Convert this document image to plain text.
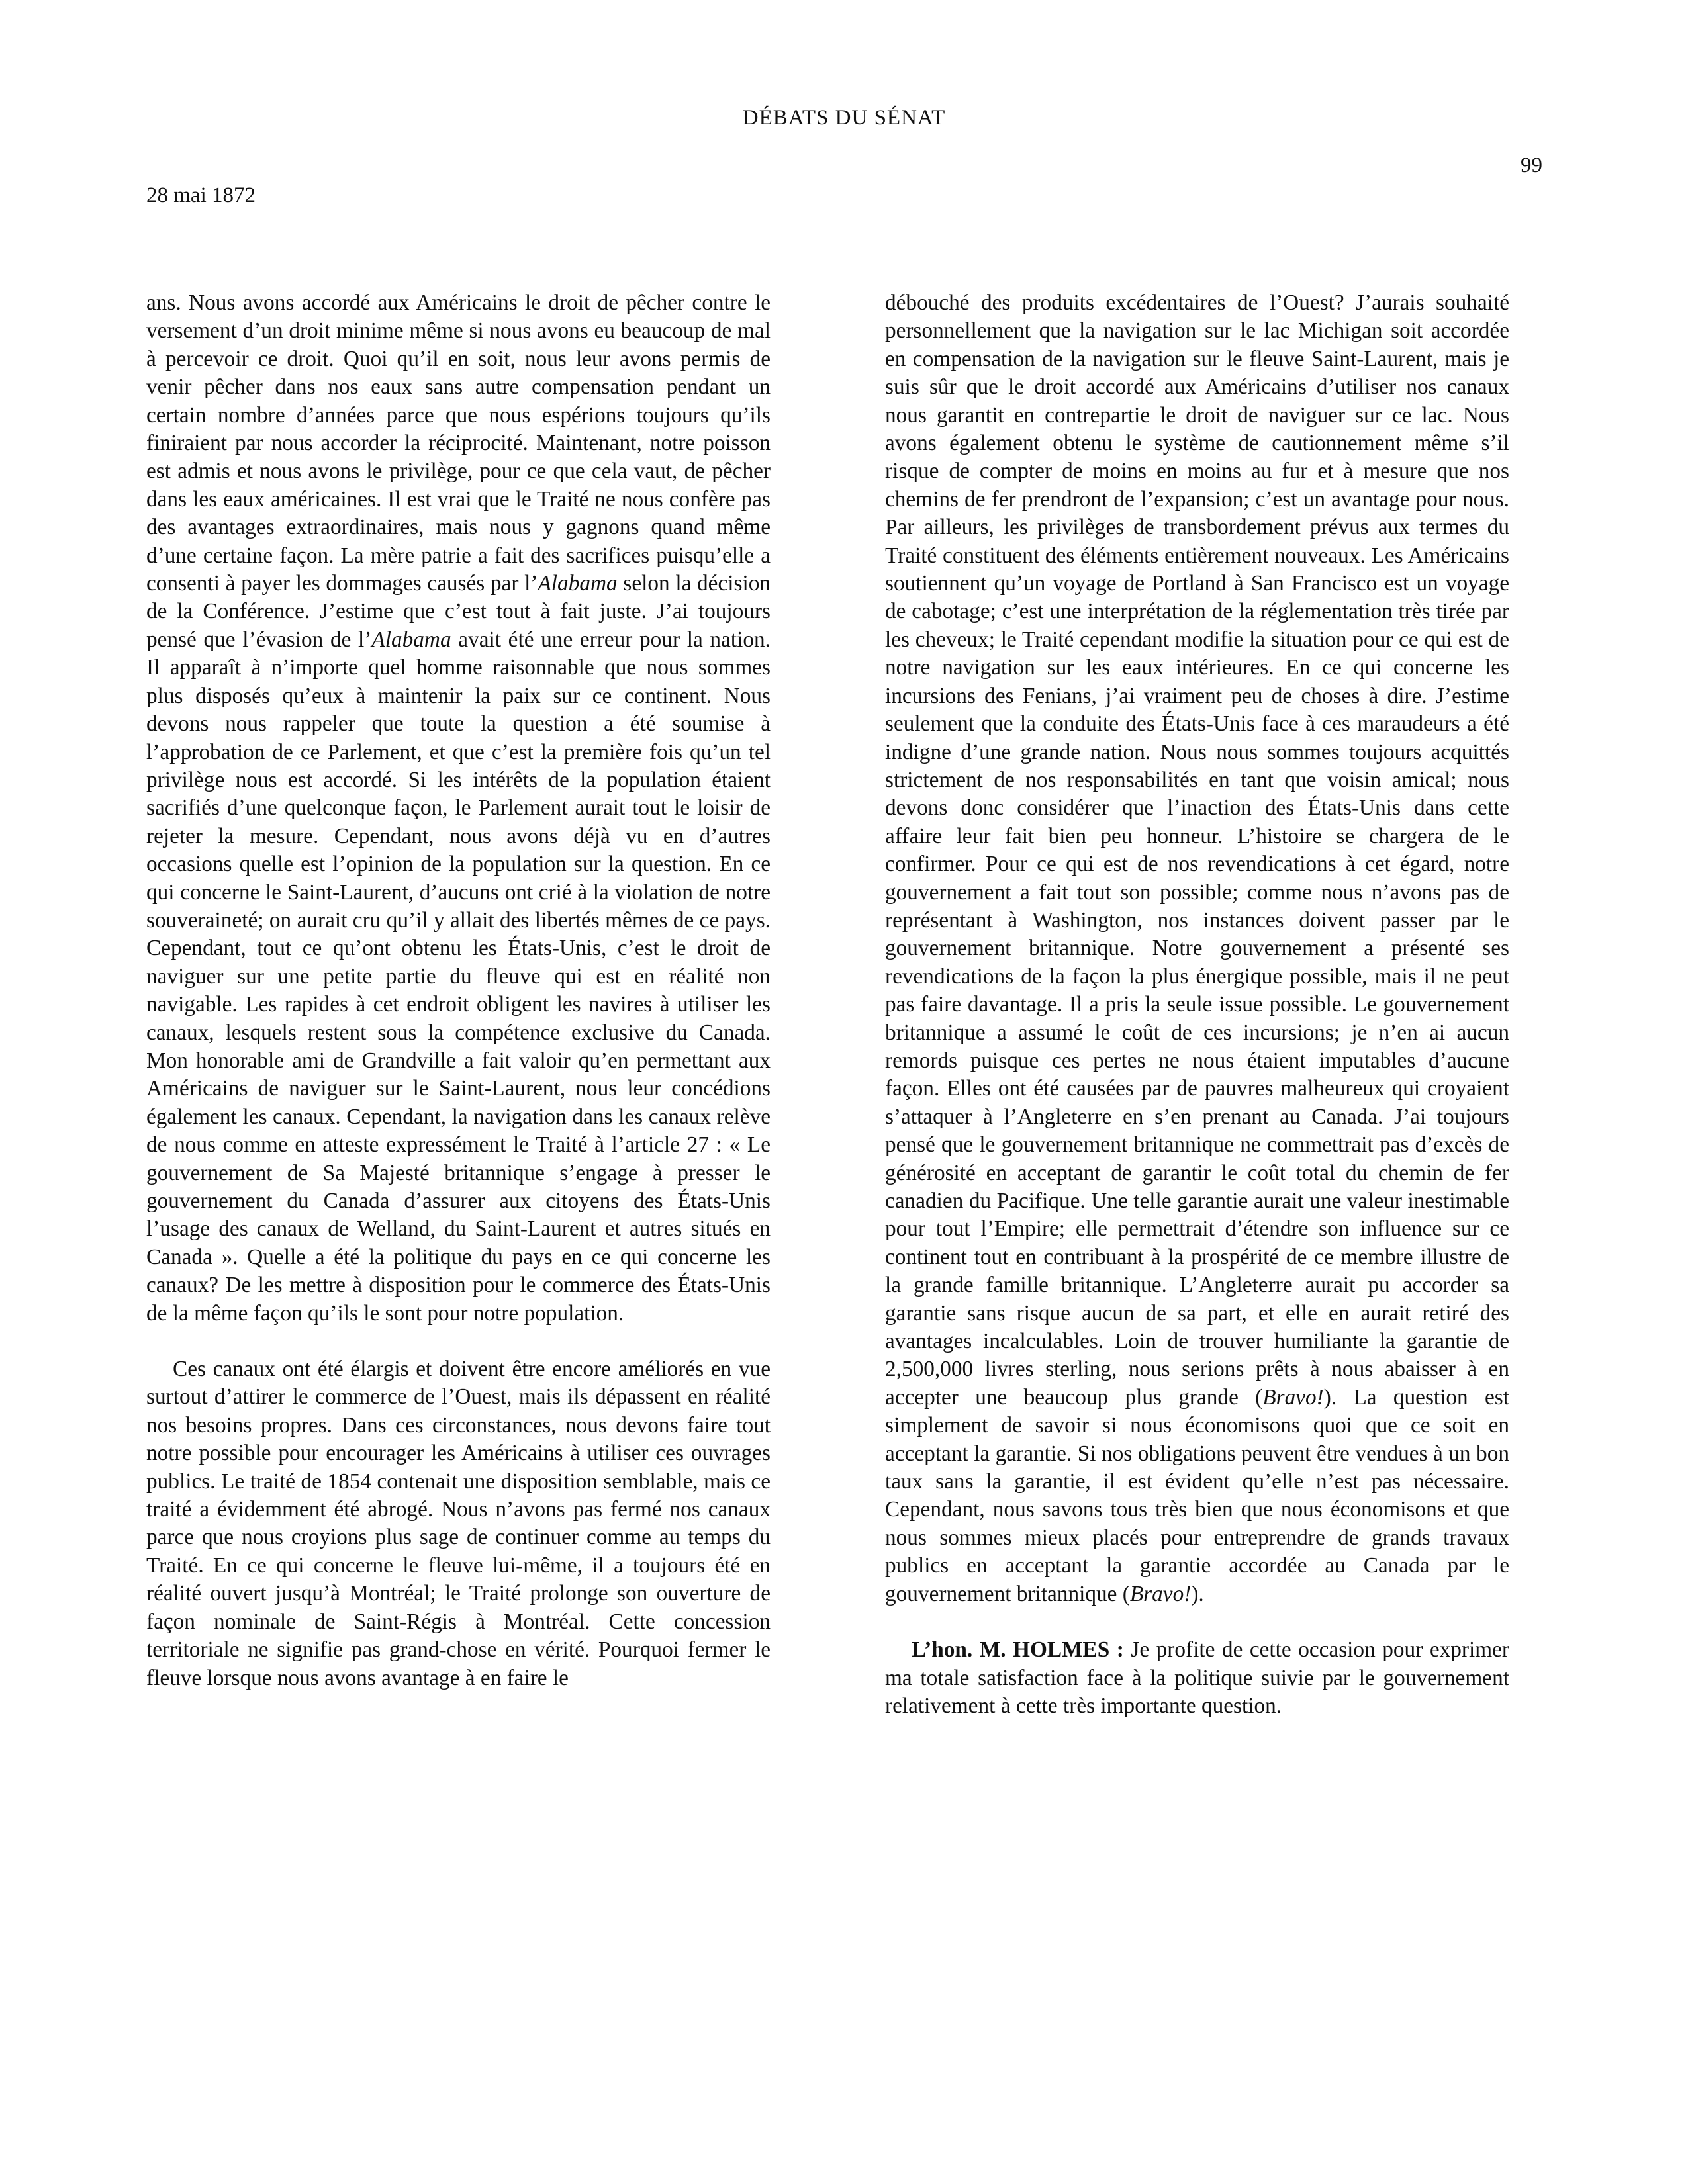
DÉBATS DU SÉNAT
99
28 mai 1872

ans. Nous avons accordé aux Américains le droit de pêcher contre le versement d’un droit minime même si nous avons eu beaucoup de mal à percevoir ce droit. Quoi qu’il en soit, nous leur avons permis de venir pêcher dans nos eaux sans autre compensation pendant un certain nombre d’années parce que nous espérions toujours qu’ils finiraient par nous accorder la réciprocité. Maintenant, notre poisson est admis et nous avons le privilège, pour ce que cela vaut, de pêcher dans les eaux américaines. Il est vrai que le Traité ne nous confère pas des avantages extraordinaires, mais nous y gagnons quand même d’une certaine façon. La mère patrie a fait des sacrifices puisqu’elle a consenti à payer les dommages causés par l’Alabama selon la décision de la Conférence. J’estime que c’est tout à fait juste. J’ai toujours pensé que l’évasion de l’Alabama avait été une erreur pour la nation. Il apparaît à n’importe quel homme raisonnable que nous sommes plus disposés qu’eux à maintenir la paix sur ce continent. Nous devons nous rappeler que toute la question a été soumise à l’approbation de ce Parlement, et que c’est la première fois qu’un tel privilège nous est accordé. Si les intérêts de la population étaient sacrifiés d’une quelconque façon, le Parlement aurait tout le loisir de rejeter la mesure. Cependant, nous avons déjà vu en d’autres occasions quelle est l’opinion de la population sur la question. En ce qui concerne le Saint-Laurent, d’aucuns ont crié à la violation de notre souveraineté; on aurait cru qu’il y allait des libertés mêmes de ce pays. Cependant, tout ce qu’ont obtenu les États-Unis, c’est le droit de naviguer sur une petite partie du fleuve qui est en réalité non navigable. Les rapides à cet endroit obligent les navires à utiliser les canaux, lesquels restent sous la compétence exclusive du Canada. Mon honorable ami de Grandville a fait valoir qu’en permettant aux Américains de naviguer sur le Saint-Laurent, nous leur concédions également les canaux. Cependant, la navigation dans les canaux relève de nous comme en atteste expressément le Traité à l’article 27 : « Le gouvernement de Sa Majesté britannique s’engage à presser le gouvernement du Canada d’assurer aux citoyens des États-Unis l’usage des canaux de Welland, du Saint-Laurent et autres situés en Canada ». Quelle a été la politique du pays en ce qui concerne les canaux? De les mettre à disposition pour le commerce des États-Unis de la même façon qu’ils le sont pour notre population.

Ces canaux ont été élargis et doivent être encore améliorés en vue surtout d’attirer le commerce de l’Ouest, mais ils dépassent en réalité nos besoins propres. Dans ces circonstances, nous devons faire tout notre possible pour encourager les Américains à utiliser ces ouvrages publics. Le traité de 1854 contenait une disposition semblable, mais ce traité a évidemment été abrogé. Nous n’avons pas fermé nos canaux parce que nous croyions plus sage de continuer comme au temps du Traité. En ce qui concerne le fleuve lui-même, il a toujours été en réalité ouvert jusqu’à Montréal; le Traité prolonge son ouverture de façon nominale de Saint-Régis à Montréal. Cette concession territoriale ne signifie pas grand-chose en vérité. Pourquoi fermer le fleuve lorsque nous avons avantage à en faire le

débouché des produits excédentaires de l’Ouest? J’aurais souhaité personnellement que la navigation sur le lac Michigan soit accordée en compensation de la navigation sur le fleuve Saint-Laurent, mais je suis sûr que le droit accordé aux Américains d’utiliser nos canaux nous garantit en contrepartie le droit de naviguer sur ce lac. Nous avons également obtenu le système de cautionnement même s’il risque de compter de moins en moins au fur et à mesure que nos chemins de fer prendront de l’expansion; c’est un avantage pour nous. Par ailleurs, les privilèges de transbordement prévus aux termes du Traité constituent des éléments entièrement nouveaux. Les Américains soutiennent qu’un voyage de Portland à San Francisco est un voyage de cabotage; c’est une interprétation de la réglementation très tirée par les cheveux; le Traité cependant modifie la situation pour ce qui est de notre navigation sur les eaux intérieures. En ce qui concerne les incursions des Fenians, j’ai vraiment peu de choses à dire. J’estime seulement que la conduite des États-Unis face à ces maraudeurs a été indigne d’une grande nation. Nous nous sommes toujours acquittés strictement de nos responsabilités en tant que voisin amical; nous devons donc considérer que l’inaction des États-Unis dans cette affaire leur fait bien peu honneur. L’histoire se chargera de le confirmer. Pour ce qui est de nos revendications à cet égard, notre gouvernement a fait tout son possible; comme nous n’avons pas de représentant à Washington, nos instances doivent passer par le gouvernement britannique. Notre gouvernement a présenté ses revendications de la façon la plus énergique possible, mais il ne peut pas faire davantage. Il a pris la seule issue possible. Le gouvernement britannique a assumé le coût de ces incursions; je n’en ai aucun remords puisque ces pertes ne nous étaient imputables d’aucune façon. Elles ont été causées par de pauvres malheureux qui croyaient s’attaquer à l’Angleterre en s’en prenant au Canada. J’ai toujours pensé que le gouvernement britannique ne commettrait pas d’excès de générosité en acceptant de garantir le coût total du chemin de fer canadien du Pacifique. Une telle garantie aurait une valeur inestimable pour tout l’Empire; elle permettrait d’étendre son influence sur ce continent tout en contribuant à la prospérité de ce membre illustre de la grande famille britannique. L’Angleterre aurait pu accorder sa garantie sans risque aucun de sa part, et elle en aurait retiré des avantages incalculables. Loin de trouver humiliante la garantie de 2,500,000 livres sterling, nous serions prêts à nous abaisser à en accepter une beaucoup plus grande (Bravo!). La question est simplement de savoir si nous économisons quoi que ce soit en acceptant la garantie. Si nos obligations peuvent être vendues à un bon taux sans la garantie, il est évident qu’elle n’est pas nécessaire. Cependant, nous savons tous très bien que nous économisons et que nous sommes mieux placés pour entreprendre de grands travaux publics en acceptant la garantie accordée au Canada par le gouvernement britannique (Bravo!).

L’hon. M. HOLMES : Je profite de cette occasion pour exprimer ma totale satisfaction face à la politique suivie par le gouvernement relativement à cette très importante question.
